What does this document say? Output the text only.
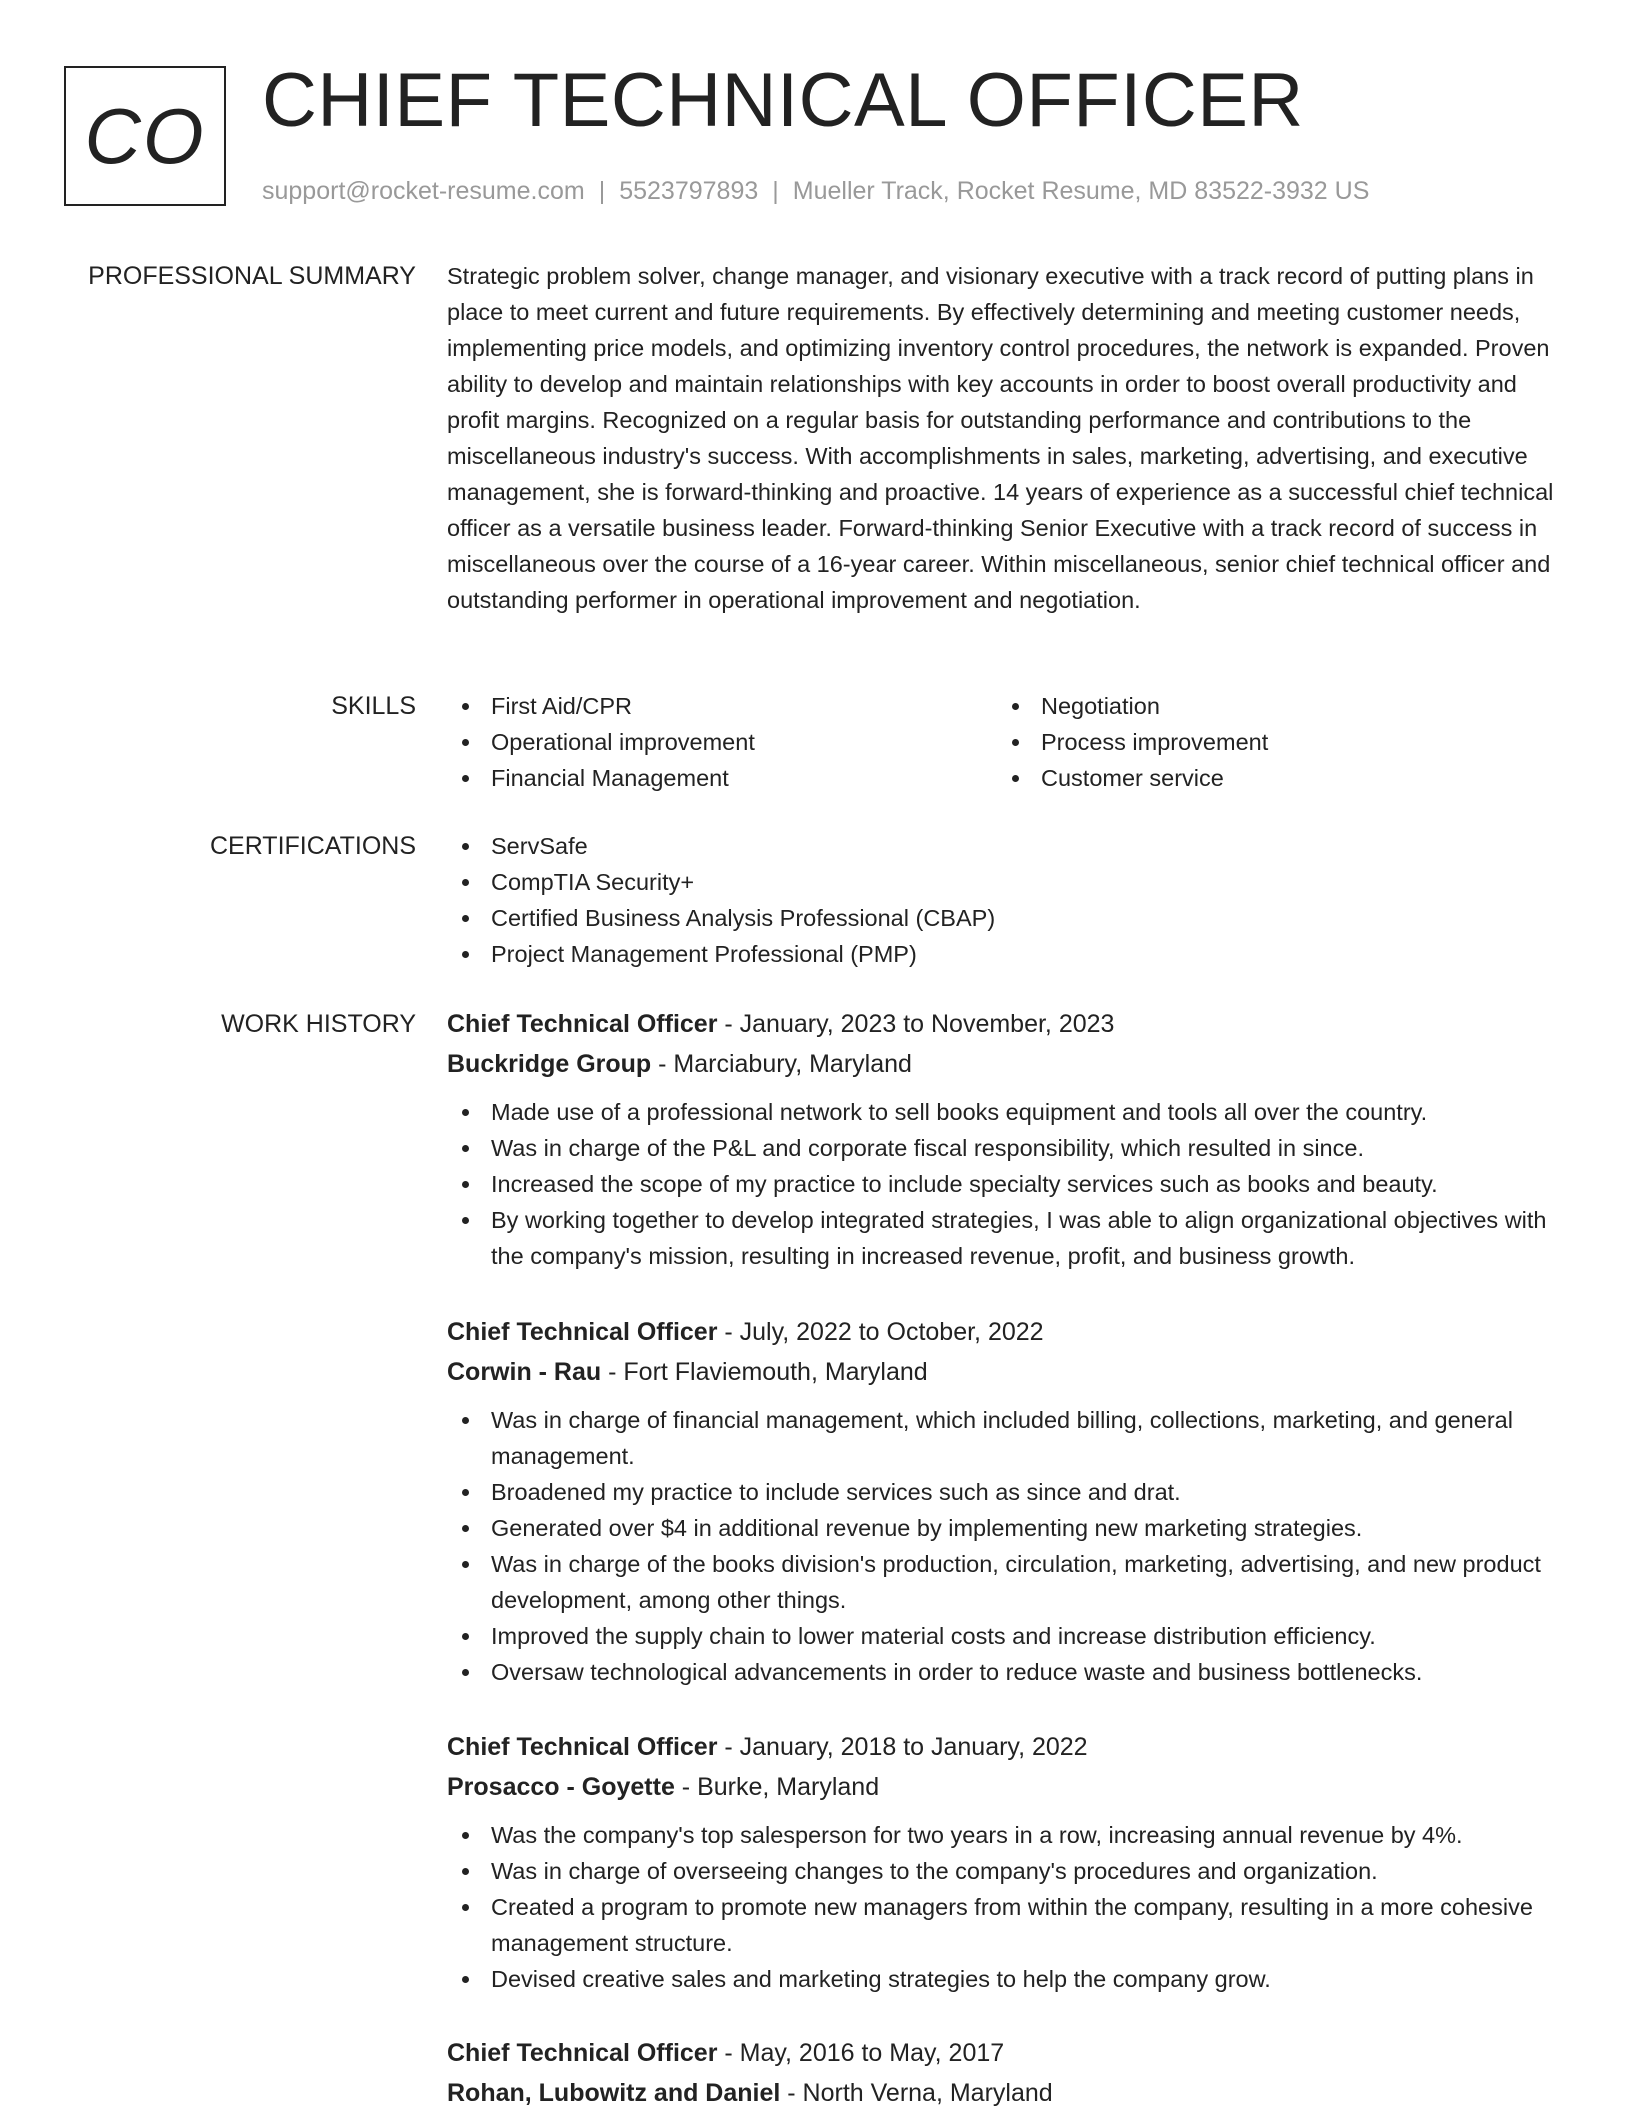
CO CHIEF TECHNICAL OFFICER
support@rocket-resume.com | 5523797893 | Mueller Track, Rocket Resume, MD 83522-3932 US
PROFESSIONAL SUMMARY Strategic problem solver, change manager, and visionary executive with a track record of putting plans in place to meet current and future requirements. By effectively determining and meeting customer needs, implementing price models, and optimizing inventory control procedures, the network is expanded. Proven ability to develop and maintain relationships with key accounts in order to boost overall productivity and profit margins. Recognized on a regular basis for outstanding performance and contributions to the miscellaneous industry's success. With accomplishments in sales, marketing, advertising, and executive management, she is forward-thinking and proactive. 14 years of experience as a successful chief technical officer as a versatile business leader. Forward-thinking Senior Executive with a track record of success in miscellaneous over the course of a 16-year career. Within miscellaneous, senior chief technical officer and outstanding performer in operational improvement and negotiation.

SKILLS	First Aid/CPR
Operational improvement
Financial Management
Negotiation
Process improvement
Customer service
CERTIFICATIONS	ServSafe
CompTIA Security+
Certified Business Analysis Professional (CBAP)
Project Management Professional (PMP)
WORK HISTORY Chief Technical Officer - January, 2023 to November, 2023
Buckridge Group - Marciabury, Maryland
Made use of a professional network to sell books equipment and tools all over the country.
Was in charge of the P&L and corporate fiscal responsibility, which resulted in since.
Increased the scope of my practice to include specialty services such as books and beauty.
By working together to develop integrated strategies, I was able to align organizational objectives with the company's mission, resulting in increased revenue, profit, and business growth.
Chief Technical Officer - July, 2022 to October, 2022
Corwin - Rau - Fort Flaviemouth, Maryland
Was in charge of financial management, which included billing, collections, marketing, and general management.
Broadened my practice to include services such as since and drat.
Generated over $4 in additional revenue by implementing new marketing strategies.
Was in charge of the books division's production, circulation, marketing, advertising, and new product development, among other things.
Improved the supply chain to lower material costs and increase distribution efficiency.
Oversaw technological advancements in order to reduce waste and business bottlenecks.
Chief Technical Officer - January, 2018 to January, 2022
Prosacco - Goyette - Burke, Maryland
Was the company's top salesperson for two years in a row, increasing annual revenue by 4%.
Was in charge of overseeing changes to the company's procedures and organization.
Created a program to promote new managers from within the company, resulting in a more cohesive management structure.
Devised creative sales and marketing strategies to help the company grow.
Chief Technical Officer - May, 2016 to May, 2017
Rohan, Lubowitz and Daniel - North Verna, Maryland
